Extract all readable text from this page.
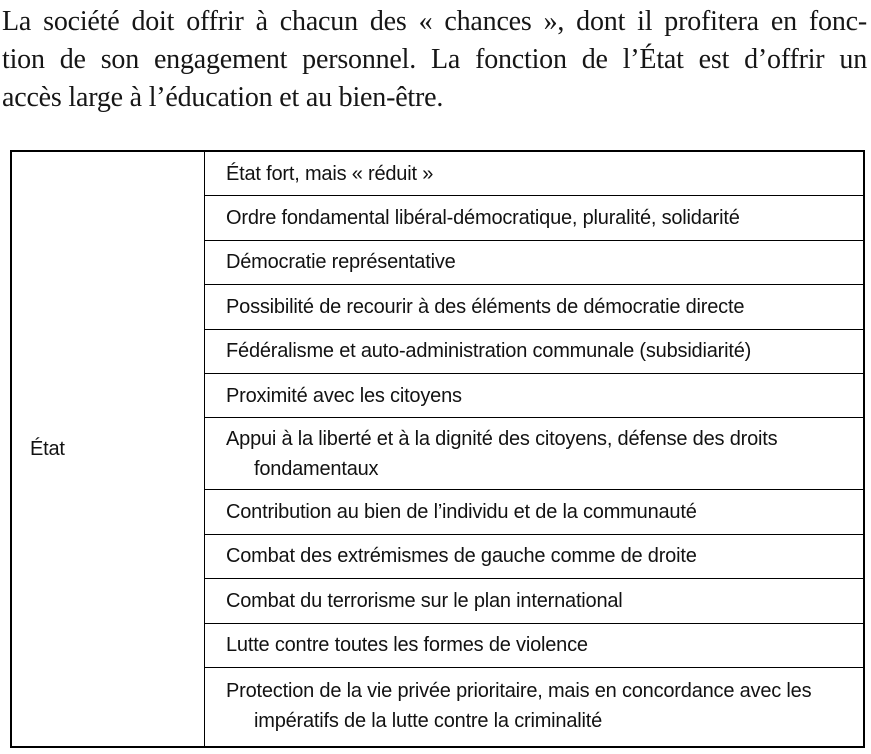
La société doit offrir à chacun des « chances », dont il profitera en fonc-
tion de son engagement personnel. La fonction de l’État est d’offrir un
accès large à l’éducation et au bien-être.
État
État fort, mais « réduit »
Ordre fondamental libéral-démocratique, pluralité, solidarité
Démocratie représentative
Possibilité de recourir à des éléments de démocratie directe
Fédéralisme et auto-administration communale (subsidiarité)
Proximité avec les citoyens
Appui à la liberté et à la dignité des citoyens, défense des droits
fondamentaux
Contribution au bien de l’individu et de la communauté
Combat des extrémismes de gauche comme de droite
Combat du terrorisme sur le plan international
Lutte contre toutes les formes de violence
Protection de la vie privée prioritaire, mais en concordance avec les
impératifs de la lutte contre la criminalité
